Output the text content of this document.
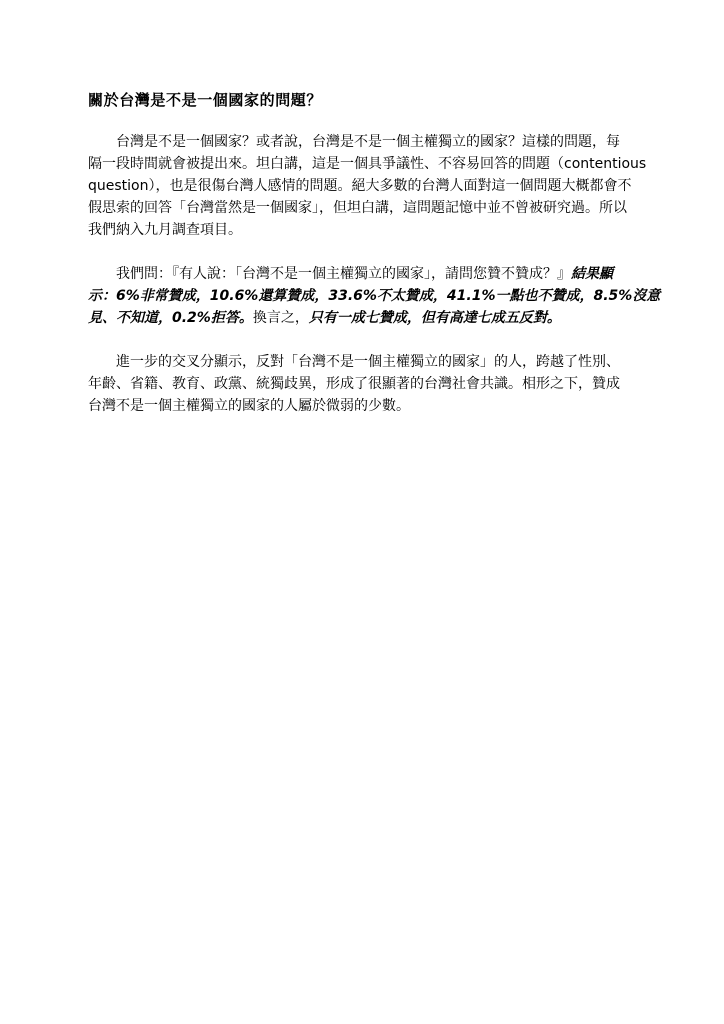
關於台灣是不是一個國家的問題？
台灣是不是一個國家？或者說，台灣是不是一個主權獨立的國家？這樣的問題，每
隔一段時間就會被提出來。坦白講，這是一個具爭議性、不容易回答的問題（contentious
question），也是很傷台灣人感情的問題。絕大多數的台灣人面對這一個問題大概都會不
假思索的回答「台灣當然是一個國家」，但坦白講，這問題記憶中並不曾被研究過。所以
我們納入九月調查項目。
我們問：『有人說：「台灣不是一個主權獨立的國家」，請問您贊不贊成？』結果顯
示：6%非常贊成，10.6%還算贊成，33.6%不太贊成，41.1%一點也不贊成，8.5%沒意
見、不知道，0.2%拒答。換言之，只有一成七贊成，但有高達七成五反對。
進一步的交叉分顯示，反對「台灣不是一個主權獨立的國家」的人，跨越了性別、
年齡、省籍、教育、政黨、統獨歧異，形成了很顯著的台灣社會共識。相形之下，贊成
台灣不是一個主權獨立的國家的人屬於微弱的少數。
